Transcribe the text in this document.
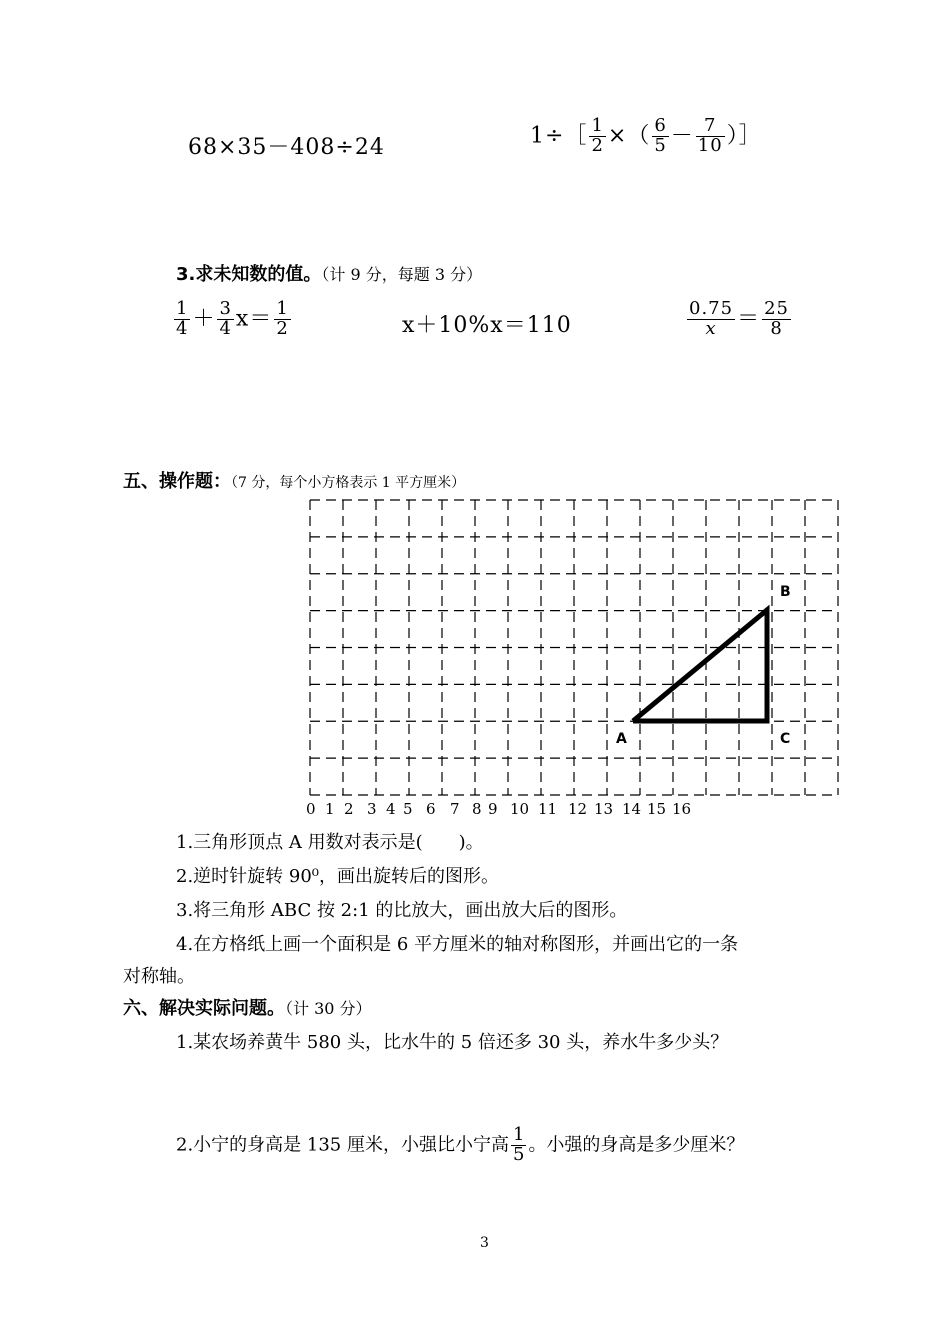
68×35－408÷24	1÷［ $\frac{1}{2}$ ×（ $\frac{6}{5} - \frac{7}{10}$ ）］
3.求未知数的值。（计 9 分，每题 3 分）
$\frac{1}{4} + \frac{3}{4} x= \frac{1}{2}$	x＋10%x＝110	$\frac{0.75}{x} = \frac{25}{8}$
五、操作题：（7 分，每个小方格表示 1 平方厘米）
A
B
C
0 1 2 3 4 5 6 7 8 9 10 11 12 13 14 15 16
1.三角形顶点 A 用数对表示是(　　)。
2.逆时针旋转 90⁰，画出旋转后的图形。
3.将三角形 ABC 按 2:1 的比放大，画出放大后的图形。
4.在方格纸上画一个面积是 6 平方厘米的轴对称图形，并画出它的一条
对称轴。
六、解决实际问题。（计 30 分）
1.某农场养黄牛 580 头，比水牛的 5 倍还多 30 头，养水牛多少头？
2.小宁的身高是 135 厘米，小强比小宁高 $\frac{1}{5}$ 。小强的身高是多少厘米？
3
